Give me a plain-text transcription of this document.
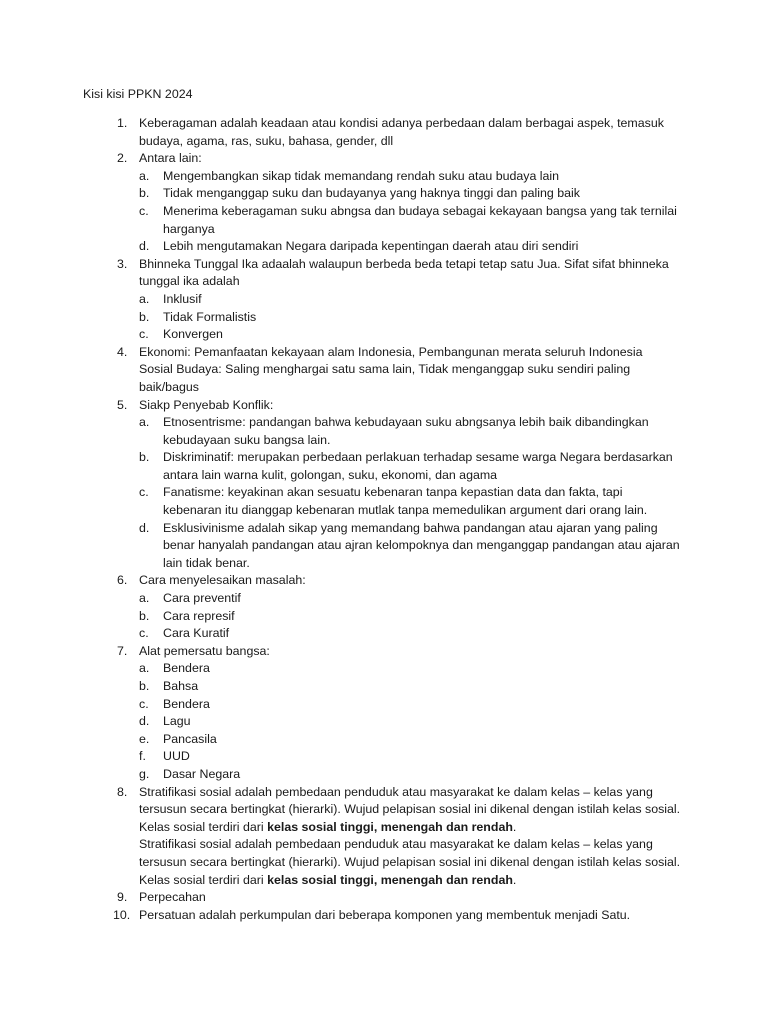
Kisi kisi PPKN 2024
1. Keberagaman adalah keadaan atau kondisi adanya perbedaan dalam berbagai aspek, temasuk budaya, agama, ras, suku, bahasa, gender, dll
2. Antara lain:
a. Mengembangkan sikap tidak memandang rendah suku atau budaya lain
b. Tidak menganggap suku dan budayanya yang haknya tinggi dan paling baik
c. Menerima keberagaman suku abngsa dan budaya sebagai kekayaan bangsa yang tak ternilai harganya
d. Lebih mengutamakan Negara daripada kepentingan daerah atau diri sendiri
3. Bhinneka Tunggal Ika adaalah walaupun berbeda beda tetapi tetap satu Jua. Sifat sifat bhinneka tunggal ika adalah
a. Inklusif
b. Tidak Formalistis
c. Konvergen
4. Ekonomi: Pemanfaatan kekayaan alam Indonesia, Pembangunan merata seluruh Indonesia
Sosial Budaya: Saling menghargai satu sama lain, Tidak menganggap suku sendiri paling baik/bagus
5. Siakp Penyebab Konflik:
a. Etnosentrisme: pandangan bahwa kebudayaan suku abngsanya lebih baik dibandingkan kebudayaan suku bangsa lain.
b. Diskriminatif: merupakan perbedaan perlakuan terhadap sesame warga Negara berdasarkan antara lain warna kulit, golongan, suku, ekonomi, dan agama
c. Fanatisme: keyakinan akan sesuatu kebenaran tanpa kepastian data dan fakta, tapi kebenaran itu dianggap kebenaran mutlak tanpa memedulikan argument dari orang lain.
d. Esklusivinisme adalah sikap yang memandang bahwa pandangan atau ajaran yang paling benar hanyalah pandangan atau ajran kelompoknya dan menganggap pandangan atau ajaran lain tidak benar.
6. Cara menyelesaikan masalah:
a. Cara preventif
b. Cara represif
c. Cara Kuratif
7. Alat pemersatu bangsa:
a. Bendera
b. Bahsa
c. Bendera
d. Lagu
e. Pancasila
f. UUD
g. Dasar Negara
8. Stratifikasi sosial adalah pembedaan penduduk atau masyarakat ke dalam kelas – kelas yang tersusun secara bertingkat (hierarki). Wujud pelapisan sosial ini dikenal dengan istilah kelas sosial. Kelas sosial terdiri dari kelas sosial tinggi, menengah dan rendah.
Stratifikasi sosial adalah pembedaan penduduk atau masyarakat ke dalam kelas – kelas yang tersusun secara bertingkat (hierarki). Wujud pelapisan sosial ini dikenal dengan istilah kelas sosial. Kelas sosial terdiri dari kelas sosial tinggi, menengah dan rendah.
9. Perpecahan
10. Persatuan adalah perkumpulan dari beberapa komponen yang membentuk menjadi Satu.
